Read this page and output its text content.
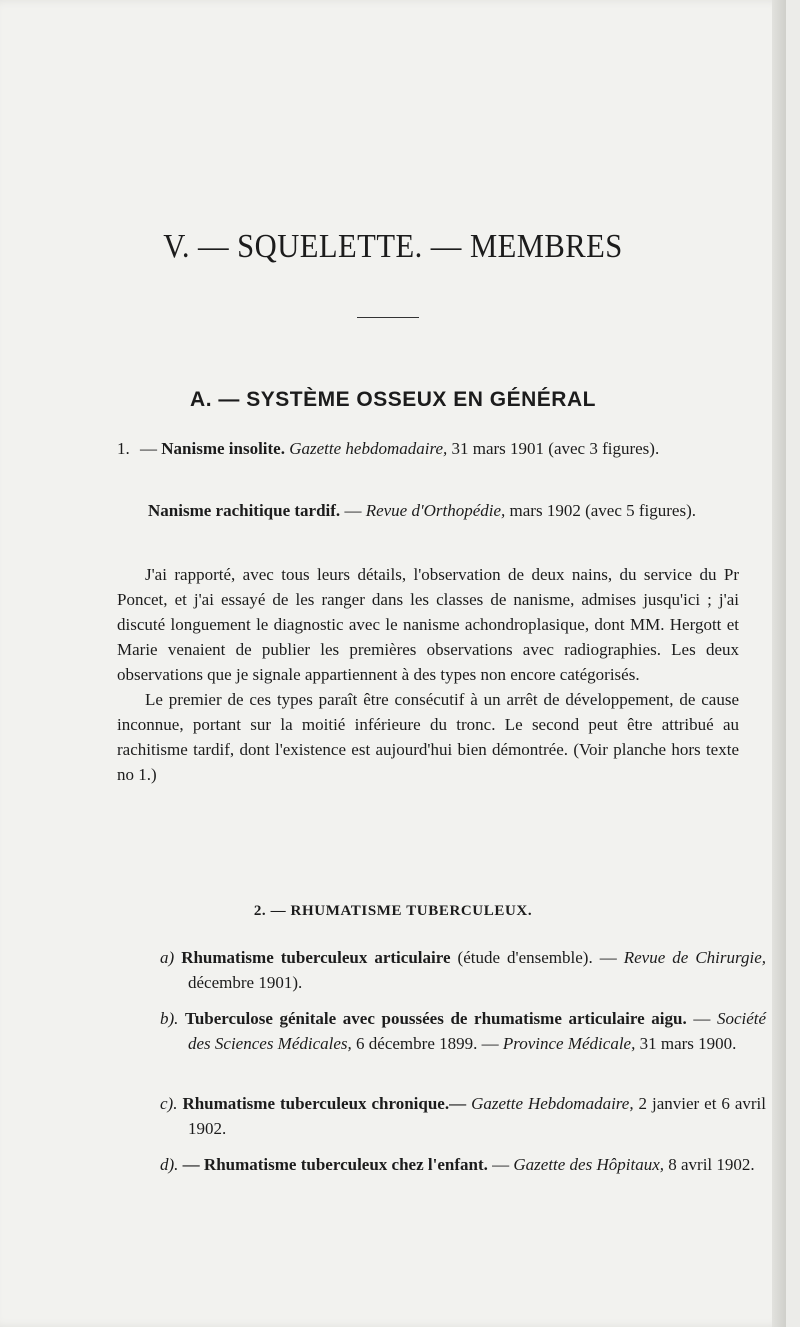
V. — SQUELETTE. — MEMBRES
A. — SYSTÈME OSSEUX EN GÉNÉRAL
1. — Nanisme insolite. Gazette hebdomadaire, 31 mars 1901 (avec 3 figures).
Nanisme rachitique tardif. — Revue d'Orthopédie, mars 1902 (avec 5 figures).

J'ai rapporté, avec tous leurs détails, l'observation de deux nains, du service du Pr Poncet, et j'ai essayé de les ranger dans les classes de nanisme, admises jusqu'ici ; j'ai discuté longuement le diagnostic avec le nanisme achondroplasique, dont MM. Hergott et Marie venaient de publier les premières observations avec radiographies. Les deux observations que je signale appartiennent à des types non encore catégorisés.

Le premier de ces types paraît être consécutif à un arrêt de développement, de cause inconnue, portant sur la moitié inférieure du tronc. Le second peut être attribué au rachitisme tardif, dont l'existence est aujourd'hui bien démontrée. (Voir planche hors texte no 1.)

2. — RHUMATISME TUBERCULEUX.
a) Rhumatisme tuberculeux articulaire (étude d'ensemble). — Revue de Chirurgie, décembre 1901).
b). Tuberculose génitale avec poussées de rhumatisme articulaire aigu. — Société des Sciences Médicales, 6 décembre 1899. — Province Médicale, 31 mars 1900.
c). Rhumatisme tuberculeux chronique.— Gazette Hebdomadaire, 2 janvier et 6 avril 1902.
d). — Rhumatisme tuberculeux chez l'enfant. — Gazette des Hôpitaux, 8 avril 1902.
